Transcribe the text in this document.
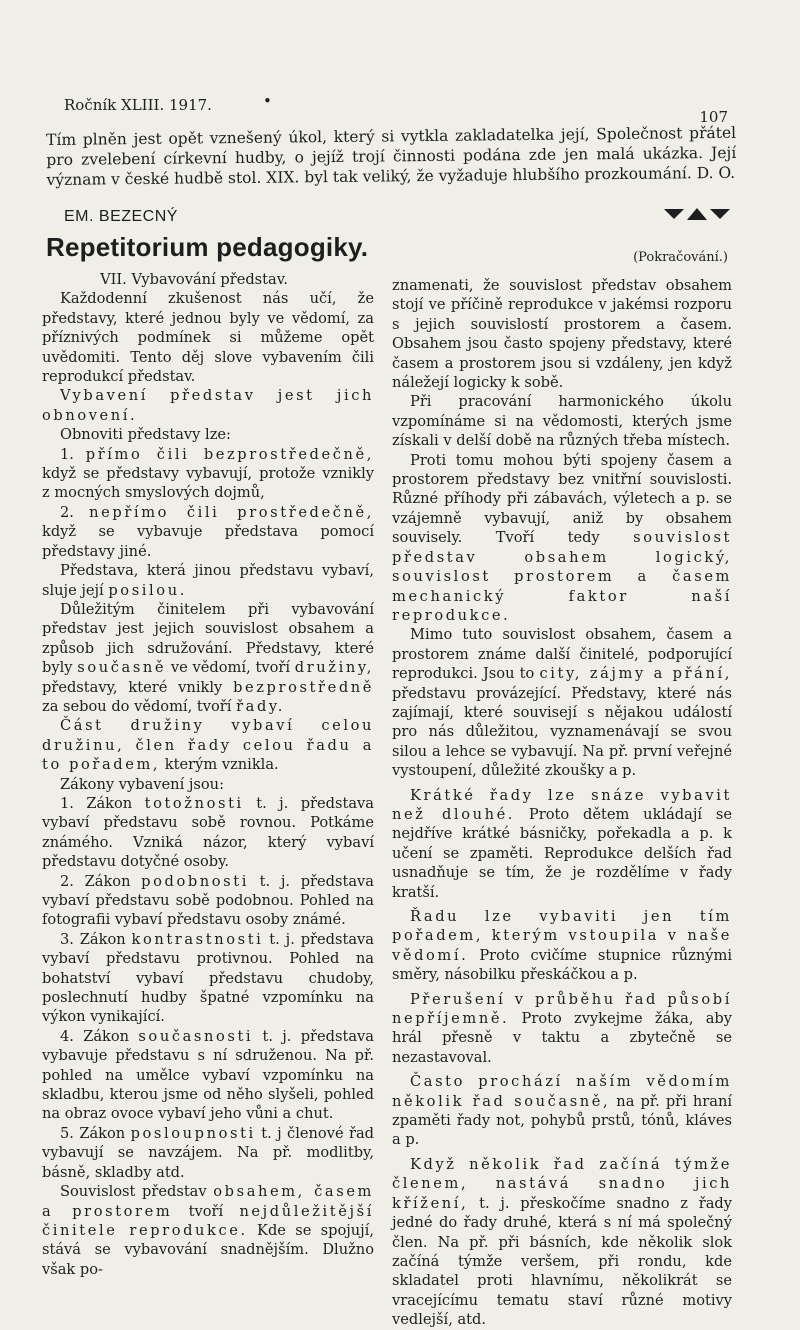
Ročník XLIII. 1917.	•
107
Tím plněn jest opět vznešený úkol, který si vytkla zakladatelka její, Společnost přátel pro zvelebení církevní hudby, o jejíž trojí činnosti podána zde jen malá ukázka. Její význam v české hudbě stol. XIX. byl tak veliký, že vyžaduje hlubšího prozkoumání. D. O.
EM. BEZECNÝ
Repetitorium pedagogiky.	(Pokračování.)

VII. Vybavování představ.

Každodenní zkušenost nás učí, že představy, které jednou byly ve vědomí, za příznivých podmínek si můžeme opět uvědomiti. Tento děj slove vybavením čili reprodukcí představ.

Vybavení představ jest jich obnovení.

Obnoviti představy lze:

1. přímo čili bezprostředečně, když se představy vybavují, protože vznikly z mocných smyslových dojmů,

2. nepřímo čili prostředečně, když se vybavuje představa pomocí představy jiné.

Představa, která jinou představu vybaví, sluje její posilou.

Důležitým činitelem při vybavování představ jest jejich souvislost obsahem a způsob jich sdružování. Představy, které byly současně ve vědomí, tvoří družiny, představy, které vnikly bezprostředně za sebou do vědomí, tvoří řady.

Část družiny vybaví celou družinu, člen řady celou řadu a to pořadem, kterým vznikla.

Zákony vybavení jsou:

1. Zákon totožnosti t. j. představa vybaví představu sobě rovnou. Potkáme známého. Vzniká názor, který vybaví představu dotyčné osoby.

2. Zákon podobnosti t. j. představa vybaví představu sobě podobnou. Pohled na fotografii vybaví představu osoby známé.

3. Zákon kontrastnosti t. j. představa vybaví představu protivnou. Pohled na bohatství vybaví představu chudoby, poslechnutí hudby špatné vzpomínku na výkon vynikající.

4. Zákon současnosti t. j. představa vybavuje představu s ní sdruženou. Na př. pohled na umělce vybaví vzpomínku na skladbu, kterou jsme od něho slyšeli, pohled na obraz ovoce vybaví jeho vůni a chut.

5. Zákon posloupnosti t. j členové řad vybavují se navzájem. Na př. modlitby, básně, skladby atd.

Souvislost představ obsahem, časem a prostorem tvoří nejdůležitější činitele reprodukce. Kde se spojují, stává se vybavování snadnějším. Dlužno však po-

znamenati, že souvislost představ obsahem stojí ve příčině reprodukce v jakémsi rozporu s jejich souvislostí prostorem a časem. Obsahem jsou často spojeny představy, které časem a prostorem jsou si vzdáleny, jen když náležejí logicky k sobě.

Při pracování harmonického úkolu vzpomínáme si na vědomosti, kterých jsme získali v delší době na různých třeba místech.

Proti tomu mohou býti spojeny časem a prostorem představy bez vnitřní souvislosti. Různé příhody při zábavách, výletech a p. se vzájemně vybavují, aniž by obsahem souvisely. Tvoří tedy souvislost představ obsahem logický, souvislost prostorem a časem mechanický faktor naší reprodukce.

Mimo tuto souvislost obsahem, časem a prostorem známe další činitelé, podporující reprodukci. Jsou to city, zájmy a přání, představu provázející. Představy, které nás zajímají, které souvisejí s nějakou událostí pro nás důležitou, vyznamenávají se svou silou a lehce se vybavují. Na př. první veřejné vystoupení, důležité zkoušky a p.

Krátké řady lze snáze vybavit než dlouhé. Proto dětem ukládají se nejdříve krátké básničky, pořekadla a p. k učení se zpaměti. Reprodukce delších řad usnadňuje se tím, že je rozdělíme v řady kratší.

Řadu lze vybaviti jen tím pořadem, kterým vstoupila v naše vědomí. Proto cvičíme stupnice různými směry, násobilku přeskáčkou a p.

Přerušení v průběhu řad působí nepříjemně. Proto zvykejme žáka, aby hrál přesně v taktu a zbytečně se nezastavoval.

Často prochází naším vědomím několik řad současně, na př. při hraní zpaměti řady not, pohybů prstů, tónů, kláves a p.

Když několik řad začíná týmže členem, nastává snadno jich křížení, t. j. přeskočíme snadno z řady jedné do řady druhé, která s ní má společný člen. Na př. při básních, kde několik slok začíná týmže veršem, při rondu, kde skladatel proti hlavnímu, několikrát se vracejícímu tematu staví různé motivy vedlejší, atd.
